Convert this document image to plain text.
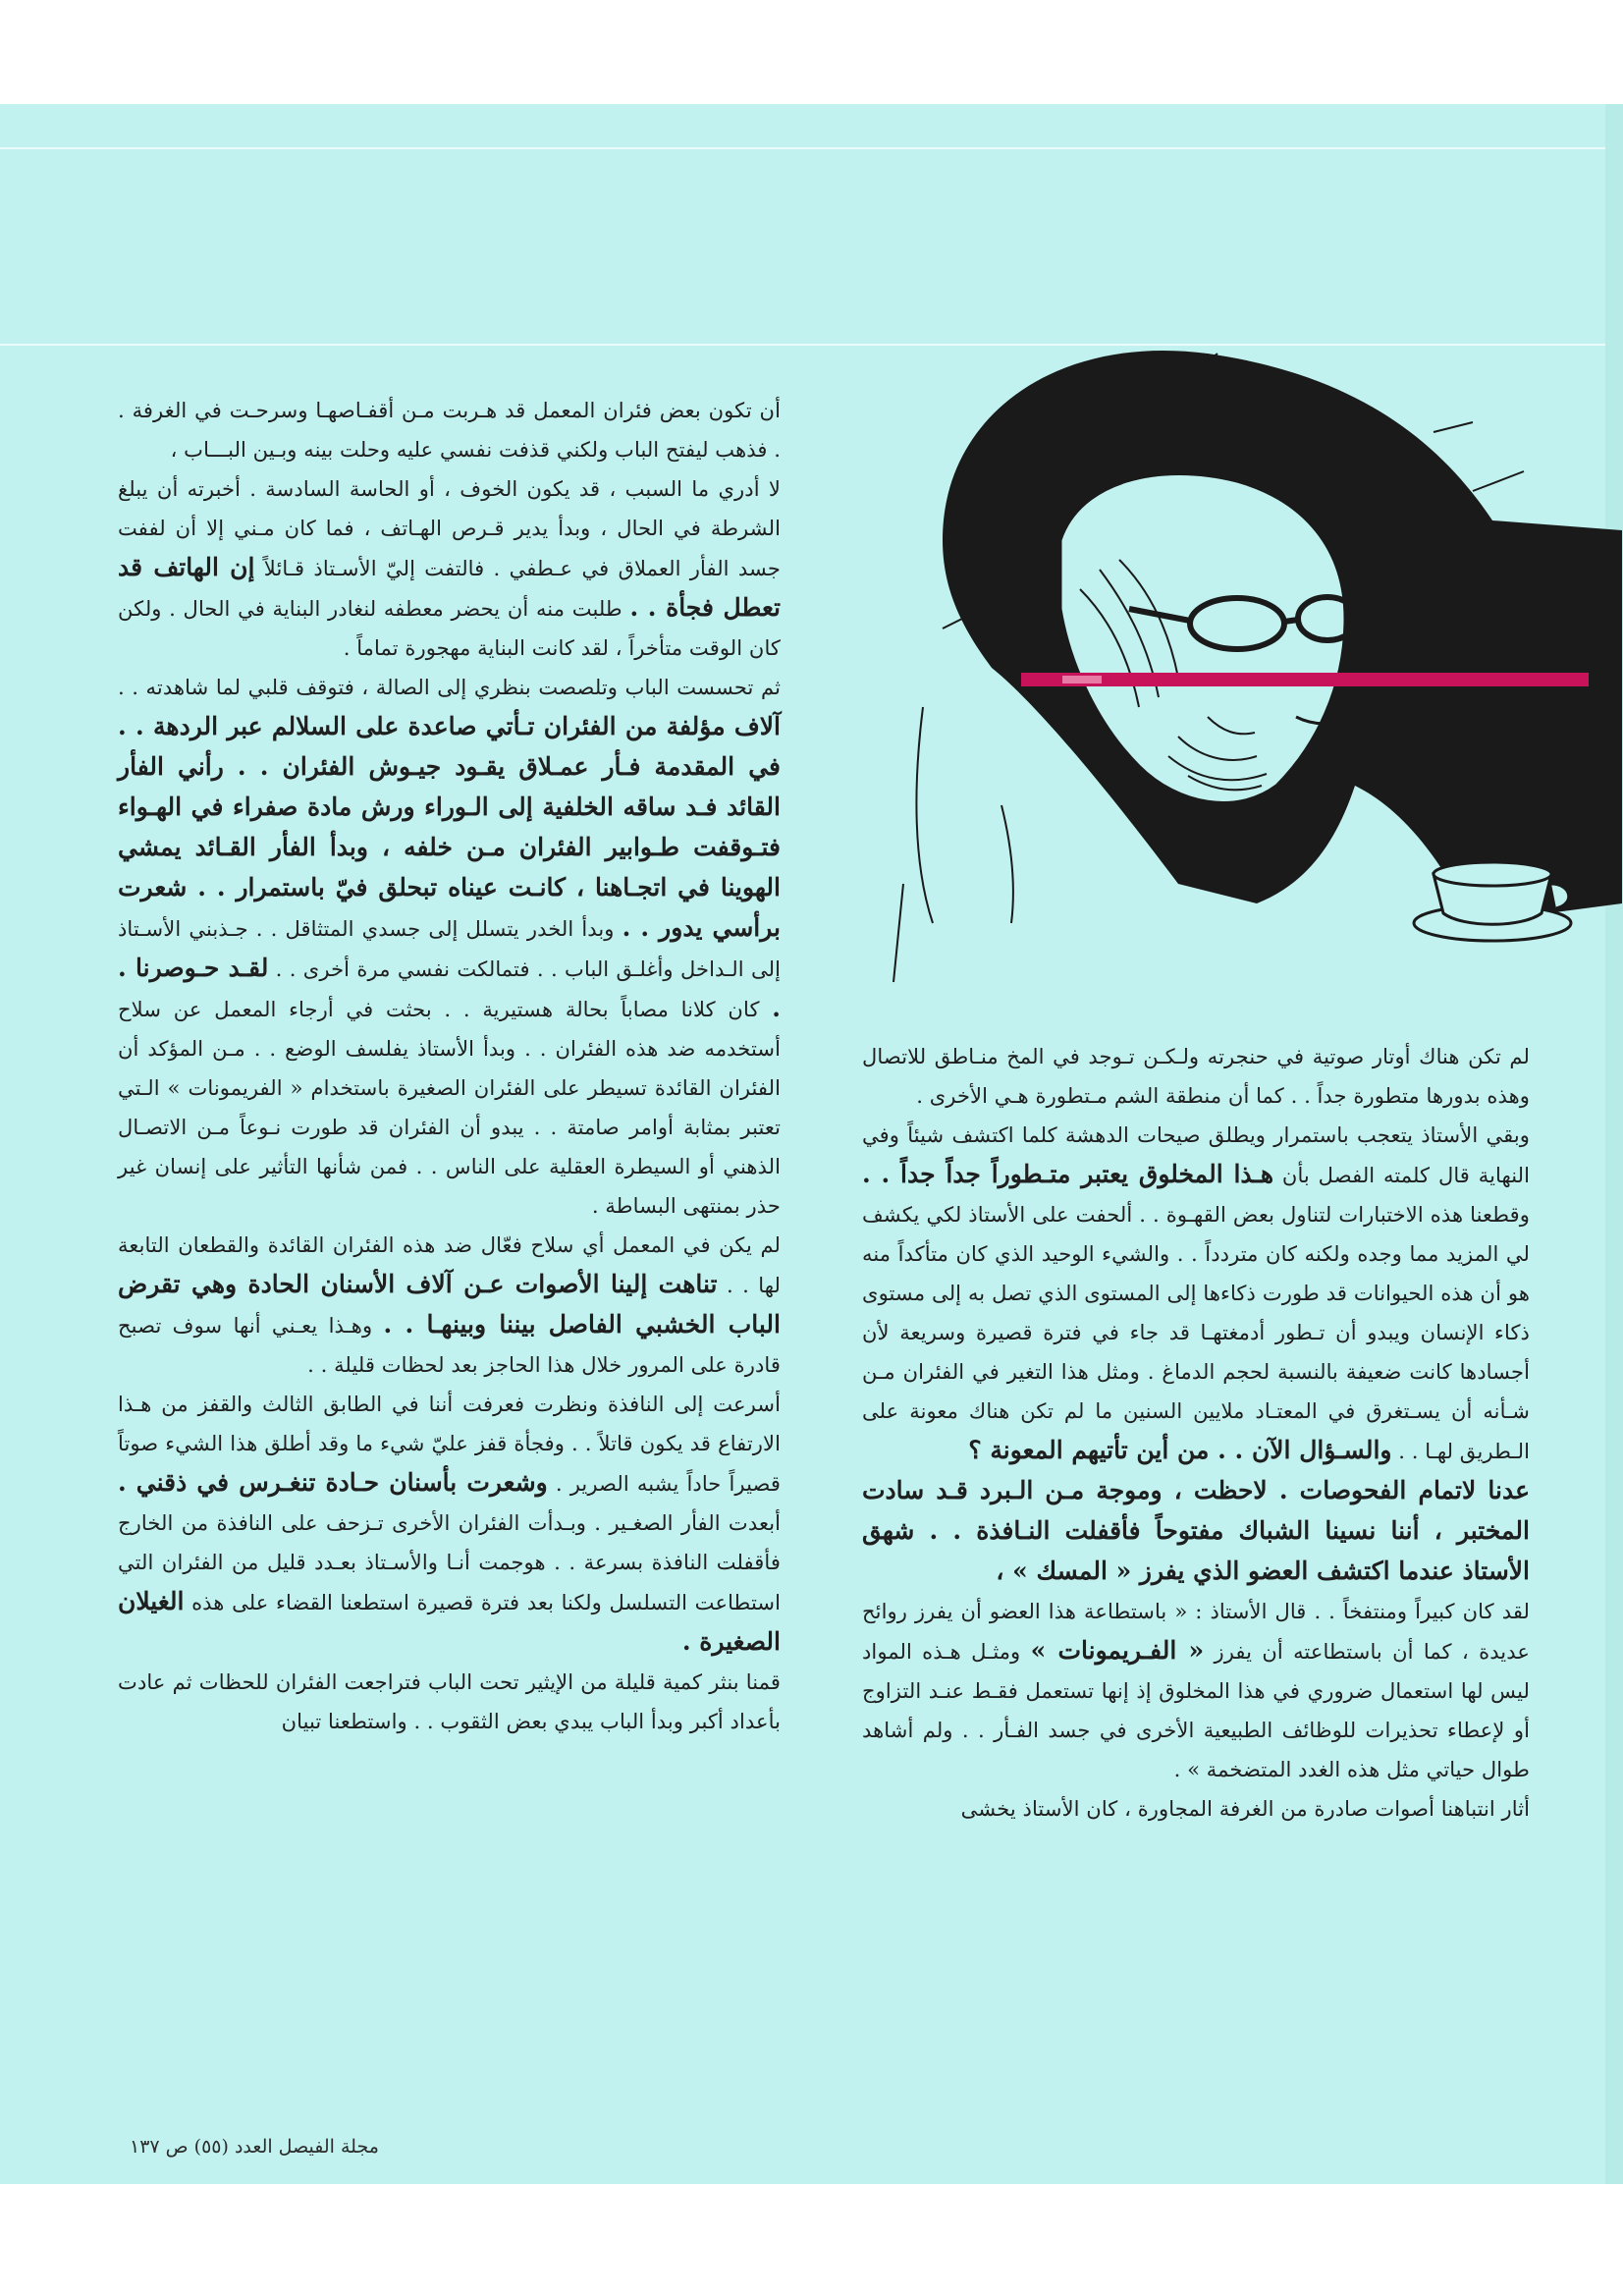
خاريڤ

أن تكون بعض فئران المعمل قد هـربت مـن أقفـاصهـا وسرحـت في الغرفة . . فذهب ليفتح الباب ولكني قذفت نفسي عليه وحلت بينه وبـين البـــاب ،

لا أدري ما السبب ، قد يكون الخوف ، أو الحاسة السادسة . أخبرته أن يبلغ الشرطة في الحال ، وبدأ يدير قـرص الهـاتف ، فما كان مـني إلا أن لففت جسد الفأر العملاق في عـطفي . فالتفت إليّ الأسـتاذ قـائلاً إن الهاتف قد تعطل فجأة . . طلبت منه أن يحضر معطفه لنغادر البناية في الحال . ولكن كان الوقت متأخراً ، لقد كانت البناية مهجورة تماماً .

ثم تحسست الباب وتلصصت بنظري إلى الصالة ، فتوقف قلبي لما شاهدته . . آلاف مؤلفة من الفئران تـأتي صاعدة على السلالم عبر الردهة . . في المقدمة فـأر عمـلاق يقـود جيـوش الفئران . . رأني الفأر القائد فـد ساقه الخلفية إلى الـوراء ورش مادة صفراء في الهـواء فتـوقفت طـوابير الفئران مـن خلفه ، وبدأ الفأر القـائد يمشي الهوينا في اتجـاهنا ، كانـت عيناه تبحلق فيّ باستمرار . . شعرت برأسي يدور . . وبدأ الخدر يتسلل إلى جسدي المتثاقل . . جـذبني الأسـتاذ إلى الـداخل وأغلـق الباب . . فتمالكت نفسي مرة أخرى . . لقـد حـوصرنا . . كان كلانا مصاباً بحالة هستيرية . . بحثت في أرجاء المعمل عن سلاح أستخدمه ضد هذه الفئران . . وبدأ الأستاذ يفلسف الوضع . . مـن المؤكد أن الفئران القائدة تسيطر على الفئران الصغيرة باستخدام « الفريمونات » الـتي تعتبر بمثابة أوامر صامتة . . يبدو أن الفئران قد طورت نـوعاً مـن الاتصـال الذهني أو السيطرة العقلية على الناس . . فمن شأنها التأثير على إنسان غير حذر بمنتهى البساطة .

لم يكن في المعمل أي سلاح فعّال ضد هذه الفئران القائدة والقطعان التابعة لها . . تناهت إلينا الأصوات عـن آلاف الأسنان الحادة وهي تقرض الباب الخشبي الفاصل بيننا وبينهـا . . وهـذا يعـني أنها سوف تصبح قادرة على المرور خلال هذا الحاجز بعد لحظات قليلة . .

أسرعت إلى النافذة ونظرت فعرفت أننا في الطابق الثالث والقفز من هـذا الارتفاع قد يكون قاتلاً . . وفجأة قفز عليّ شيء ما وقد أطلق هذا الشيء صوتاً قصيراً حاداً يشبه الصرير . وشعرت بأسنان حـادة تنغـرس في ذقني . أبعدت الفأر الصغـير . وبـدأت الفئران الأخرى تـزحف على النافذة من الخارج فأقفلت النافذة بسرعة . . هوجمت أنـا والأسـتاذ بعـدد قليل من الفئران التي استطاعت التسلسل ولكنا بعد فترة قصيرة استطعنا القضاء على هذه الغيلان الصغيرة .

قمنا بنثر كمية قليلة من الإيثير تحت الباب فتراجعت الفئران للحظات ثم عادت بأعداد أكبر وبدأ الباب يبدي بعض الثقوب . . واستطعنا تبيان

لم تكن هناك أوتار صوتية في حنجرته ولـكـن تـوجد في المخ منـاطق للاتصال وهذه بدورها متطورة جداً . . كما أن منطقة الشم مـتطورة هـي الأخرى .

وبقي الأستاذ يتعجب باستمرار ويطلق صيحات الدهشة كلما اكتشف شيئاً وفي النهاية قال كلمته الفصل بأن هـذا المخلوق يعتبر متـطوراً جداً جداً . . وقطعنا هذه الاختبارات لتناول بعض القهـوة . . ألحفت على الأستاذ لكي يكشف لي المزيد مما وجده ولكنه كان متردداً . . والشيء الوحيد الذي كان متأكداً منه هو أن هذه الحيوانات قد طورت ذكاءها إلى المستوى الذي تصل به إلى مستوى ذكاء الإنسان ويبدو أن تـطور أدمغتهـا قد جاء في فترة قصيرة وسريعة لأن أجسادها كانت ضعيفة بالنسبة لحجم الدماغ . ومثل هذا التغير في الفئران مـن شـأنه أن يسـتغرق في المعتـاد ملايين السنين ما لم تكن هناك معونة على الـطريق لهـا . . والسـؤال الآن . . من أين تأتيهم المعونة ؟

عدنا لاتمام الفحوصات . لاحظت ، وموجة مـن الـبرد قـد سادت المختبر ، أننا نسينا الشباك مفتوحاً فأقفلت النـافذة . . شهق الأستاذ عندما اكتشف العضو الذي يفرز « المسك » ،

لقد كان كبيراً ومنتفخاً . . قال الأستاذ : « باستطاعة هذا العضو أن يفرز روائح عديدة ، كما أن باستطاعته أن يفرز « الفـريمونات » ومثـل هـذه المواد ليس لها استعمال ضروري في هذا المخلوق إذ إنها تستعمل فقـط عنـد التزاوج أو لإعطاء تحذيرات للوظائف الطبيعية الأخرى في جسد الفـأر . . ولم أشاهد طوال حياتي مثل هذه الغدد المتضخمة » .

أثار انتباهنا أصوات صادرة من الغرفة المجاورة ، كان الأستاذ يخشى

مجلة الفيصل العدد (٥٥) ص ١٣٧
